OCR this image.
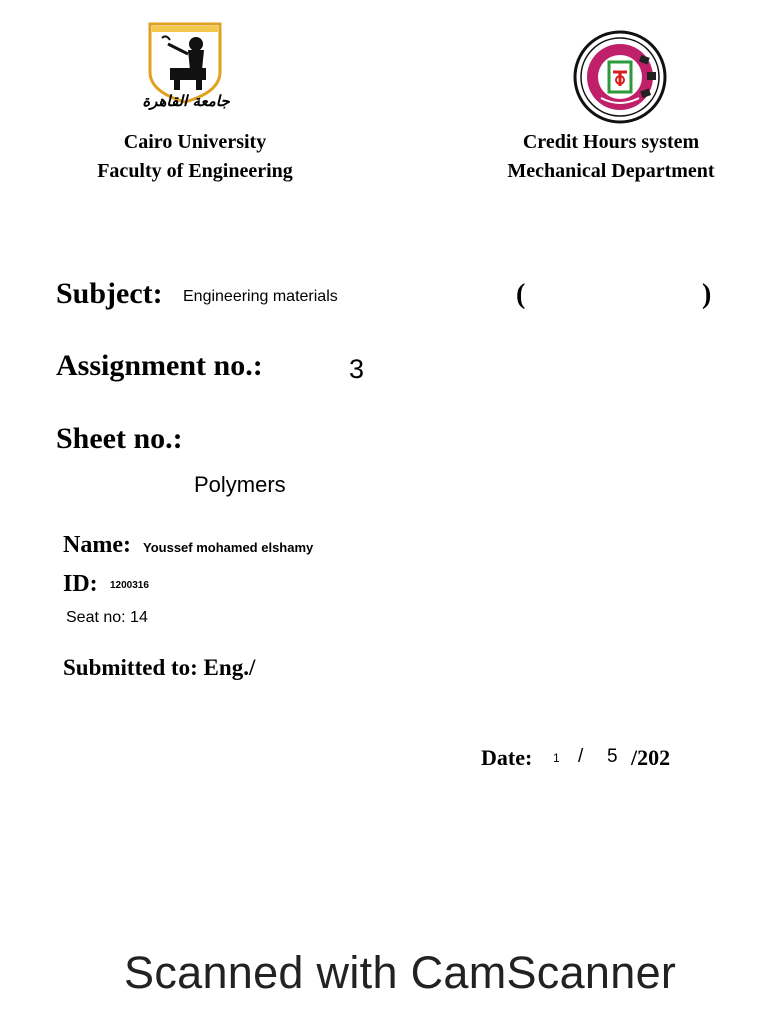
جامعة القاهرة
Cairo University
Faculty of Engineering
Credit Hours system
Mechanical Department
Subject: Engineering materials	(	)
Assignment no.:	3
Sheet no.:
Polymers
Name: Youssef mohamed elshamy
ID: 1200316
Seat no: 14
Submitted to: Eng./
Date: 1 / 5 /202
Scanned with CamScanner
